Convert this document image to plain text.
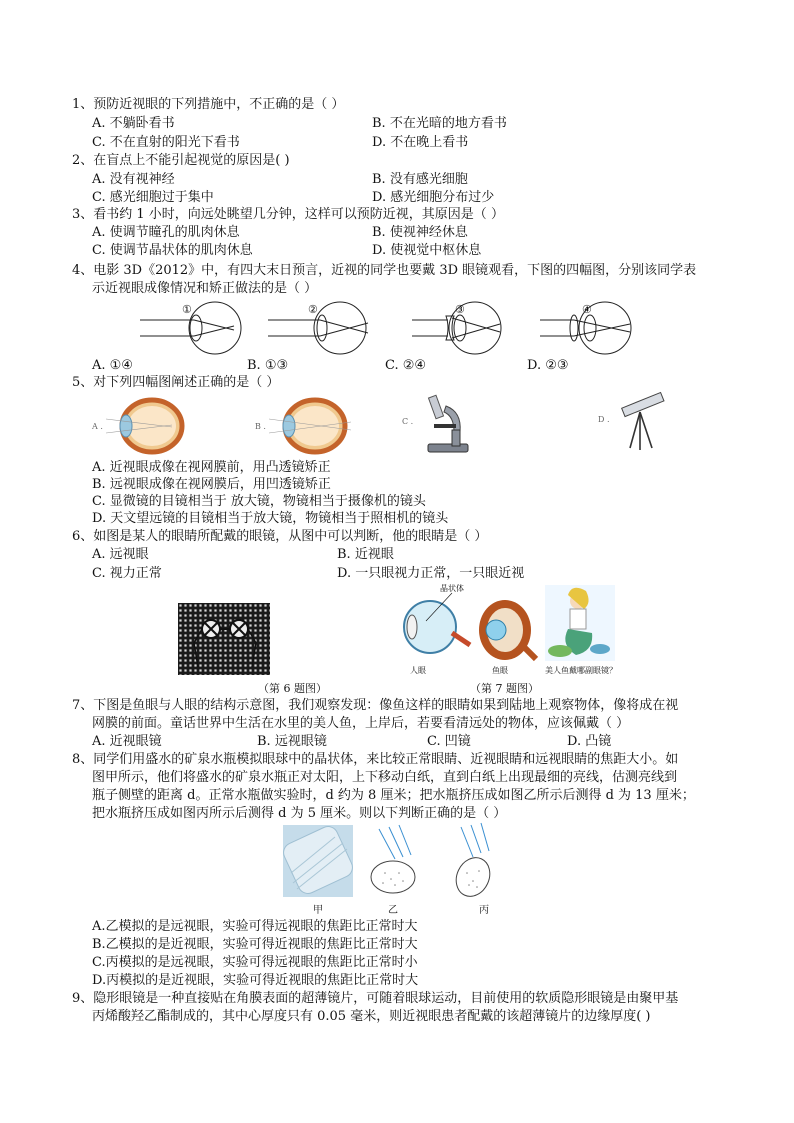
1、预防近视眼的下列措施中，不正确的是（ ）
A. 不躺卧看书	B. 不在光暗的地方看书
C. 不在直射的阳光下看书	D. 不在晚上看书
2、在盲点上不能引起视觉的原因是( )
A. 没有视神经	B. 没有感光细胞
C. 感光细胞过于集中	D. 感光细胞分布过少
3、看书约 1 小时，向远处眺望几分钟，这样可以预防近视，其原因是（ ）
A. 使调节瞳孔的肌肉休息	B. 使视神经休息
C. 使调节晶状体的肌肉休息	D. 使视觉中枢休息
4、电影 3D《2012》中，有四大末日预言，近视的同学也要戴 3D 眼镜观看，下图的四幅图，分别该同学表
示近视眼成像情况和矫正做法的是（ ）
①	②	③	④
A. ①④	B. ①③	C. ②④	D. ②③
5、对下列四幅图阐述正确的是（ ）
A .	B .
C .	D .
A. 近视眼成像在视网膜前，用凸透镜矫正
B. 远视眼成像在视网膜后，用凹透镜矫正
C. 显微镜的目镜相当于 放大镜，物镜相当于摄像机的镜头
D. 天文望远镜的目镜相当于放大镜，物镜相当于照相机的镜头
6、如图是某人的眼睛所配戴的眼镜，从图中可以判断，他的眼睛是（ ）
A. 远视眼	B. 近视眼
C. 视力正常	D. 一只眼视力正常，一只眼近视
晶状体
人眼	鱼眼	美人鱼戴哪副眼镜？
（第 6 题图）	（第 7 题图）
7、下图是鱼眼与人眼的结构示意图，我们观察发现：像鱼这样的眼睛如果到陆地上观察物体，像将成在视
网膜的前面。童话世界中生活在水里的美人鱼，上岸后，若要看清远处的物体，应该佩戴（ ）
A. 近视眼镜	B. 远视眼镜	C. 凹镜	D. 凸镜
8、同学们用盛水的矿泉水瓶模拟眼球中的晶状体，来比较正常眼睛、近视眼睛和远视眼睛的焦距大小。如
图甲所示，他们将盛水的矿泉水瓶正对太阳，上下移动白纸，直到白纸上出现最细的亮线，估测亮线到
瓶子侧壁的距离 d。正常水瓶做实验时，d 约为 8 厘米；把水瓶挤压成如图乙所示后测得 d 为 13 厘米；
把水瓶挤压成如图丙所示后测得 d 为 5 厘米。则以下判断正确的是（ ）
甲	乙	丙
A.乙模拟的是远视眼，实验可得远视眼的焦距比正常时大
B.乙模拟的是近视眼，实验可得近视眼的焦距比正常时大
C.丙模拟的是远视眼，实验可得远视眼的焦距比正常时小
D.丙模拟的是近视眼，实验可得近视眼的焦距比正常时大
9、隐形眼镜是一种直接贴在角膜表面的超薄镜片，可随着眼球运动，目前使用的软质隐形眼镜是由聚甲基
丙烯酸羟乙酯制成的，其中心厚度只有 0.05 毫米，则近视眼患者配戴的该超薄镜片的边缘厚度( )
